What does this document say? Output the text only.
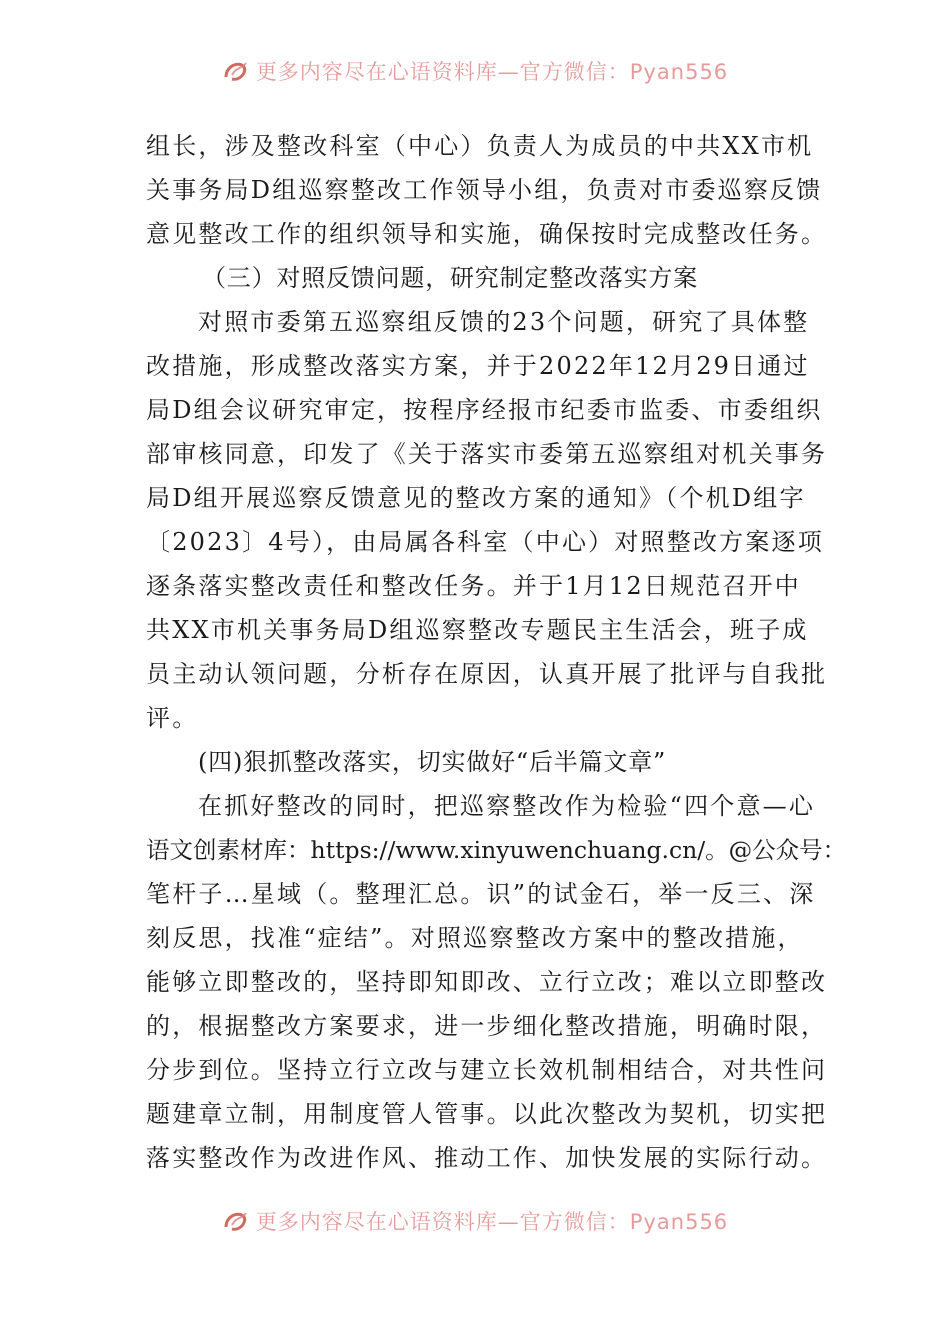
更多内容尽在心语资料库—官方微信：Pyan556
组长，涉及整改科室（中心）负责人为成员的中共XX市机
关事务局D组巡察整改工作领导小组，负责对市委巡察反馈
意见整改工作的组织领导和实施，确保按时完成整改任务。
（三）对照反馈问题，研究制定整改落实方案
对照市委第五巡察组反馈的23个问题，研究了具体整
改措施，形成整改落实方案，并于2022年12月29日通过
局D组会议研究审定，按程序经报市纪委市监委、市委组织
部审核同意，印发了《关于落实市委第五巡察组对机关事务
局D组开展巡察反馈意见的整改方案的通知》（个机D组字
〔2023〕4号），由局属各科室（中心）对照整改方案逐项
逐条落实整改责任和整改任务。并于1月12日规范召开中
共XX市机关事务局D组巡察整改专题民主生活会，班子成
员主动认领问题，分析存在原因，认真开展了批评与自我批
评。
(四)狠抓整改落实，切实做好“后半篇文章”
在抓好整改的同时，把巡察整改作为检验“四个意—心
语文创素材库：https://www.xinyuwenchuang.cn/。@公众号：
笔杆子…星域（。整理汇总。识”的试金石，举一反三、深
刻反思，找准“症结”。对照巡察整改方案中的整改措施，
能够立即整改的，坚持即知即改、立行立改；难以立即整改
的，根据整改方案要求，进一步细化整改措施，明确时限，
分步到位。坚持立行立改与建立长效机制相结合，对共性问
题建章立制，用制度管人管事。以此次整改为契机，切实把
落实整改作为改进作风、推动工作、加快发展的实际行动。
更多内容尽在心语资料库—官方微信：Pyan556
